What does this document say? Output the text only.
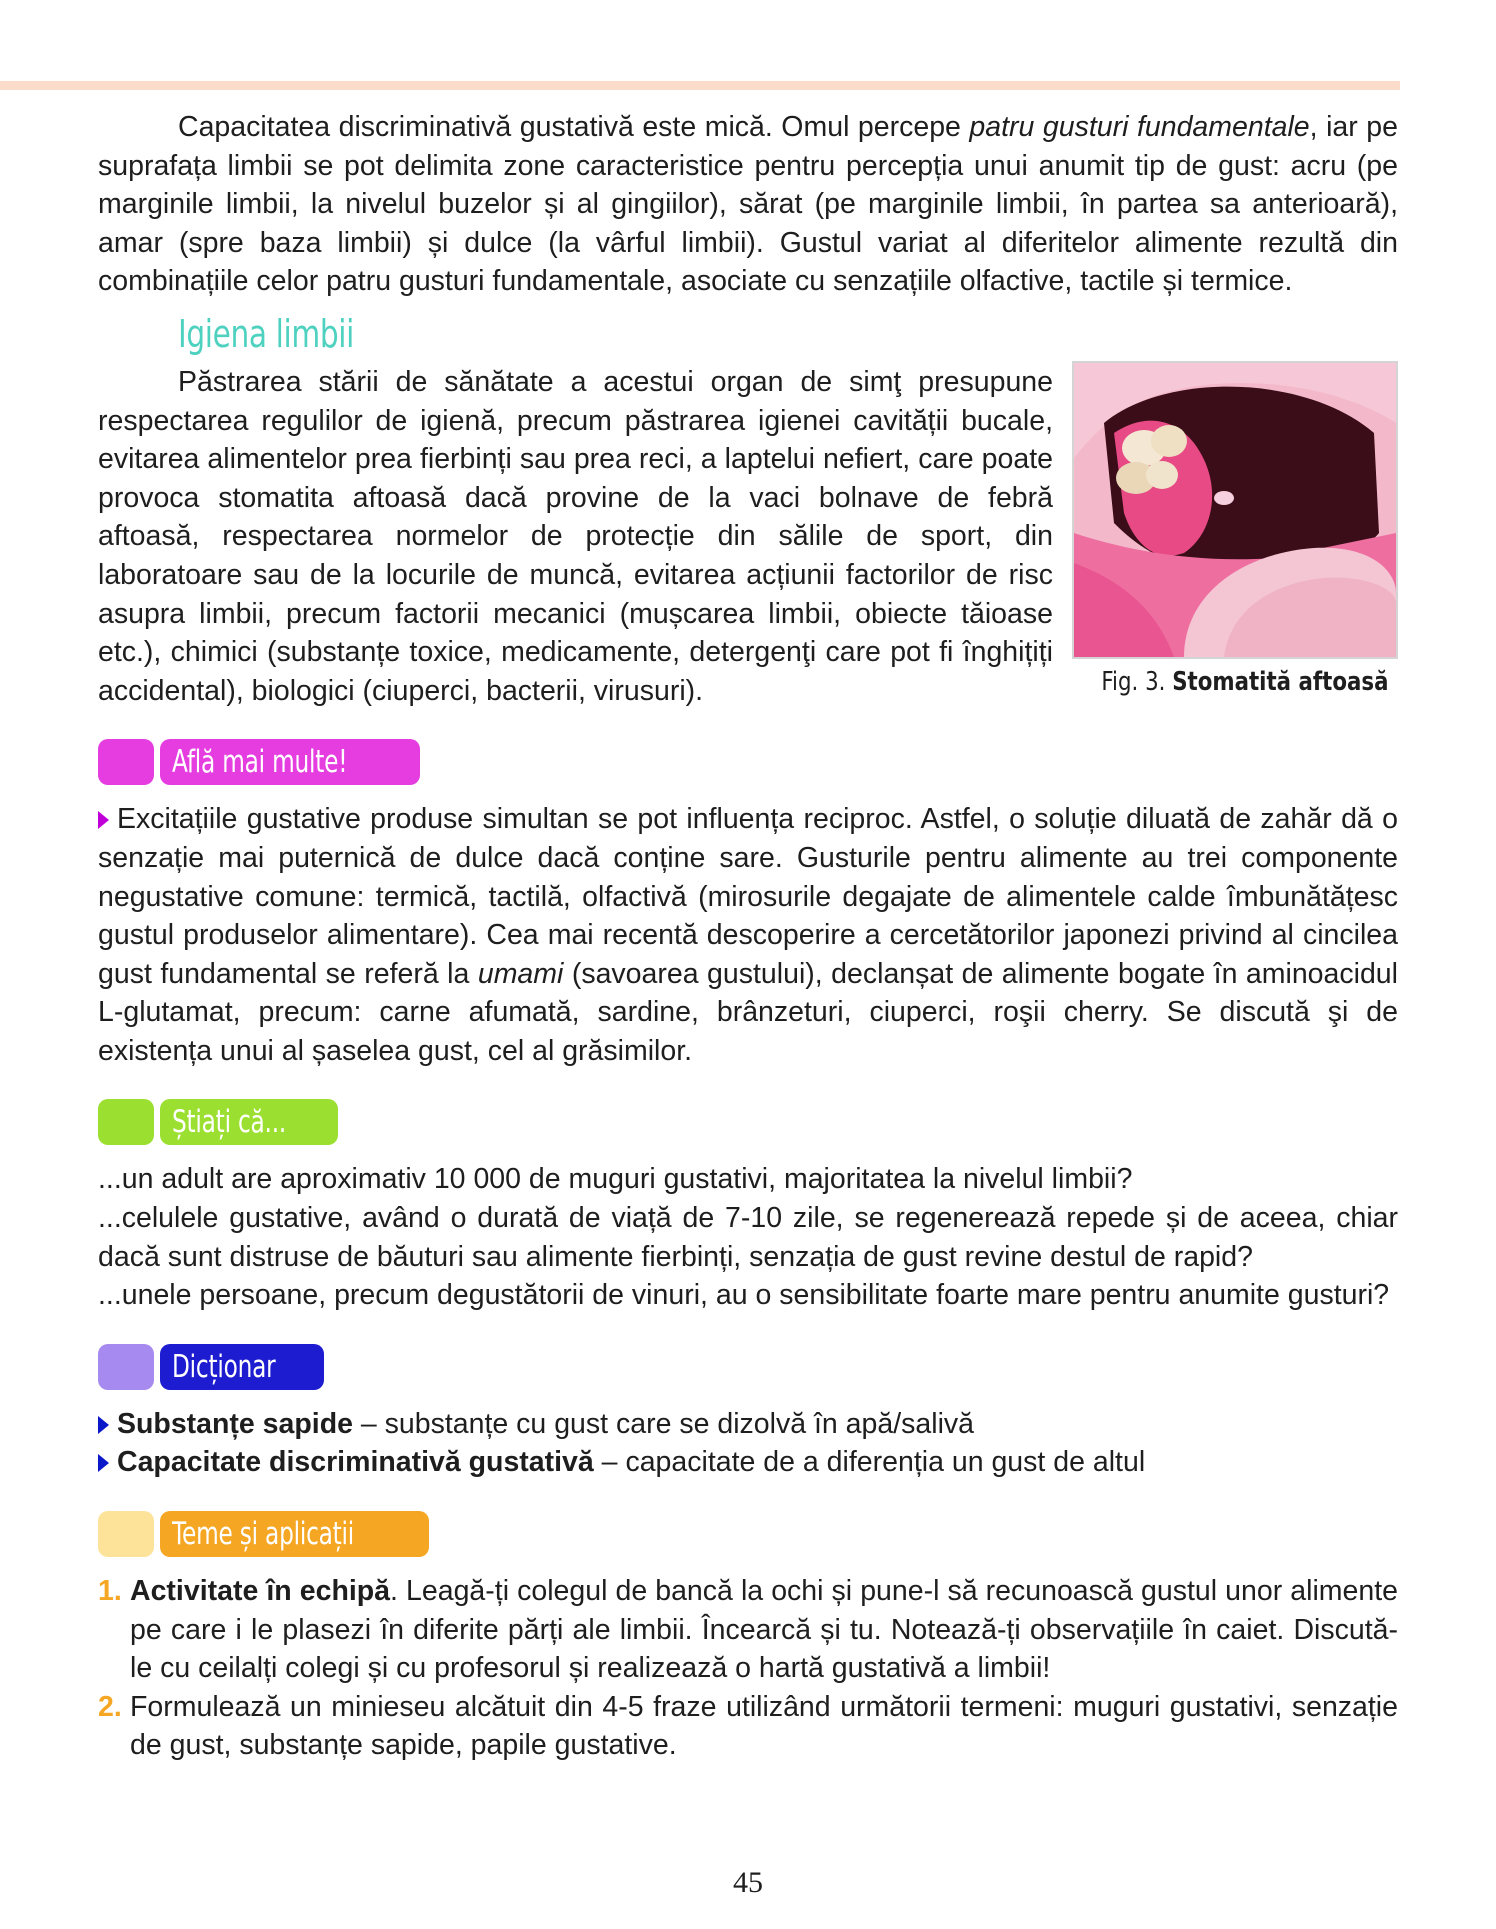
Capacitatea discriminativă gustativă este mică. Omul percepe patru gusturi fundamentale, iar pe suprafața limbii se pot delimita zone caracteristice pentru percepția unui anumit tip de gust: acru (pe marginile limbii, la nivelul buzelor și al gingiilor), sărat (pe marginile limbii, în partea sa anterioară), amar (spre baza limbii) și dulce (la vârful limbii). Gustul variat al diferitelor alimente rezultă din combinațiile celor patru gusturi fundamentale, asociate cu senzațiile olfactive, tactile și termice.

Igiena limbii

Păstrarea stării de sănătate a acestui organ de simţ presupune respectarea regulilor de igienă, precum păstrarea igienei cavității bucale, evitarea alimentelor prea fierbinți sau prea reci, a laptelui nefiert, care poate provoca stomatita aftoasă dacă provine de la vaci bolnave de febră aftoasă, respectarea normelor de protecție din sălile de sport, din laboratoare sau de la locurile de muncă, evitarea acțiunii factorilor de risc asupra limbii, precum factorii mecanici (mușcarea limbii, obiecte tăioase etc.), chimici (substanțe toxice, medicamente, detergenţi care pot fi înghițiți accidental), biologici (ciuperci, bacterii, virusuri).	Fig. 3. Stomatită aftoasă
Află mai multe!

Excitațiile gustative produse simultan se pot influența reciproc. Astfel, o soluție diluată de zahăr dă o senzație mai puternică de dulce dacă conține sare. Gusturile pentru alimente au trei componente negustative comune: termică, tactilă, olfactivă (mirosurile degajate de alimentele calde îmbunătățesc gustul produselor alimentare). Cea mai recentă descoperire a cercetătorilor japonezi privind al cincilea gust fundamental se referă la umami (savoarea gustului), declanșat de alimente bogate în aminoacidul L-glutamat, precum: carne afumată, sardine, brânzeturi, ciuperci, roşii cherry. Se discută şi de existența unui al șaselea gust, cel al grăsimilor.

Știați că...

...un adult are aproximativ 10 000 de muguri gustativi, majoritatea la nivelul limbii?

...celulele gustative, având o durată de viață de 7-10 zile, se regenerează repede și de aceea, chiar dacă sunt distruse de băuturi sau alimente fierbinți, senzația de gust revine destul de rapid?

...unele persoane, precum degustătorii de vinuri, au o sensibilitate foarte mare pentru anumite gusturi?

Dicționar
Substanțe sapide – substanțe cu gust care se dizolvă în apă/salivă
Capacitate discriminativă gustativă – capacitate de a diferenția un gust de altul
Teme și aplicații
1. Activitate în echipă. Leagă-ți colegul de bancă la ochi și pune-l să recunoască gustul unor alimente pe care i le plasezi în diferite părți ale limbii. Încearcă și tu. Notează-ți observațiile în caiet. Discută-le cu ceilalți colegi și cu profesorul și realizează o hartă gustativă a limbii!
2. Formulează un minieseu alcătuit din 4-5 fraze utilizând următorii termeni: muguri gustativi, senzație de gust, substanțe sapide, papile gustative.
45
